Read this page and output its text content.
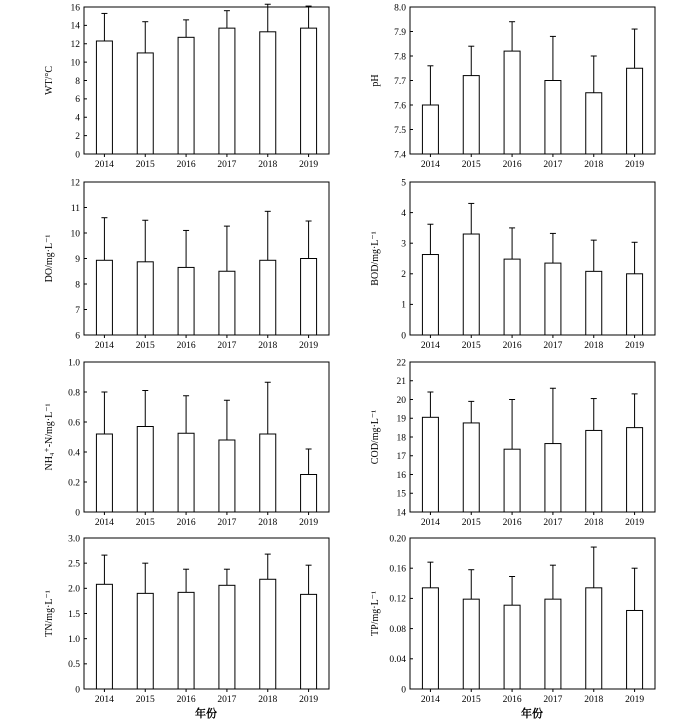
0
2
4
6
8
10
12
14
16
WT/°C
2014 2015 2016 2017 2018 2019
7.4
7.5
7.6
7.7
7.8
7.9
8.0
pH
2014 2015 2016 2017 2018 2019
6
7
8
9
10
11
12
DO/mg·L⁻¹
2014 2015 2016 2017 2018 2019
0
1
2
3
4
5
BOD/mg·L⁻¹
2014 2015 2016 2017 2018 2019
0
0.2
0.4
0.6
0.8
1.0
NH₄⁺-N/mg·L⁻¹
2014 2015 2016 2017 2018 2019
14
15
16
17
18
19
20
21
22
COD/mg·L⁻¹
2014 2015 2016 2017 2018 2019
0
0.5
1.0
1.5
2.0
2.5
3.0
TN/mg·L⁻¹
2014 2015 2016 2017 2018 2019
0
0.04
0.08
0.12
0.16
0.20
TP/mg·L⁻¹
2014 2015 2016 2017 2018 2019
年份	年份
